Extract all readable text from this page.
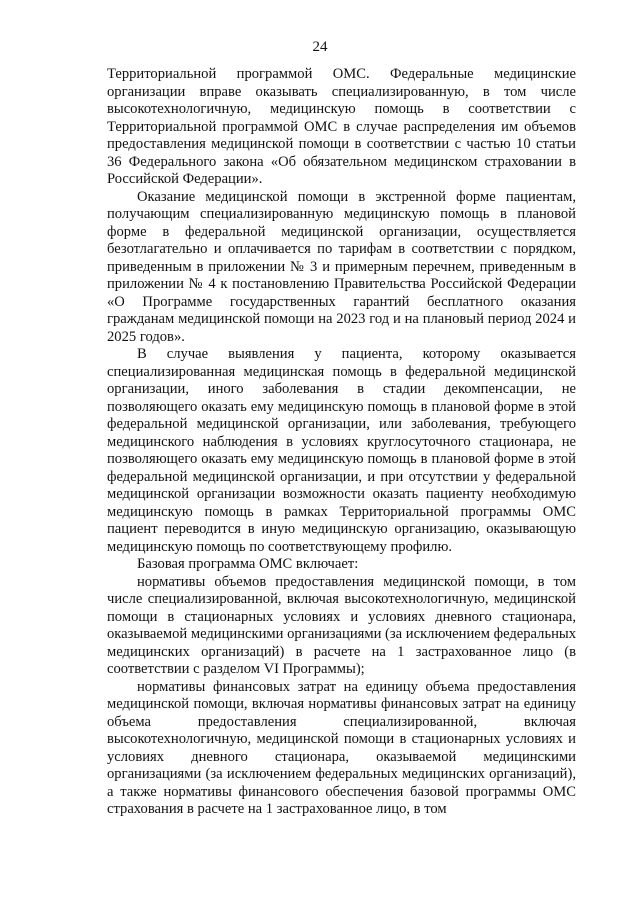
24

Территориальной программой ОМС. Федеральные медицинские организации вправе оказывать специализированную, в том числе высокотехнологичную, медицинскую помощь в соответствии с Территориальной программой ОМС в случае распределения им объемов предоставления медицинской помощи в соответствии с частью 10 статьи 36 Федерального закона «Об обязательном медицинском страховании в Российской Федерации».

Оказание медицинской помощи в экстренной форме пациентам, получающим специализированную медицинскую помощь в плановой форме в федеральной медицинской организации, осуществляется безотлагательно и оплачивается по тарифам в соответствии с порядком, приведенным в приложении № 3 и примерным перечнем, приведенным в приложении № 4 к постановлению Правительства Российской Федерации «О Программе государственных гарантий бесплатного оказания гражданам медицинской помощи на 2023 год и на плановый период 2024 и 2025 годов».

В случае выявления у пациента, которому оказывается специализированная медицинская помощь в федеральной медицинской организации, иного заболевания в стадии декомпенсации, не позволяющего оказать ему медицинскую помощь в плановой форме в этой федеральной медицинской организации, или заболевания, требующего медицинского наблюдения в условиях круглосуточного стационара, не позволяющего оказать ему медицинскую помощь в плановой форме в этой федеральной медицинской организации, и при отсутствии у федеральной медицинской организации возможности оказать пациенту необходимую медицинскую помощь в рамках Территориальной программы ОМС пациент переводится в иную медицинскую организацию, оказывающую медицинскую помощь по соответствующему профилю.

Базовая программа ОМС включает:

нормативы объемов предоставления медицинской помощи, в том числе специализированной, включая высокотехнологичную, медицинской помощи в стационарных условиях и условиях дневного стационара, оказываемой медицинскими организациями (за исключением федеральных медицинских организаций) в расчете на 1 застрахованное лицо (в соответствии с разделом VI Программы);

нормативы финансовых затрат на единицу объема предоставления медицинской помощи, включая нормативы финансовых затрат на единицу объема предоставления специализированной, включая высокотехнологичную, медицинской помощи в стационарных условиях и условиях дневного стационара, оказываемой медицинскими организациями (за исключением федеральных медицинских организаций), а также нормативы финансового обеспечения базовой программы ОМС страхования в расчете на 1 застрахованное лицо, в том
